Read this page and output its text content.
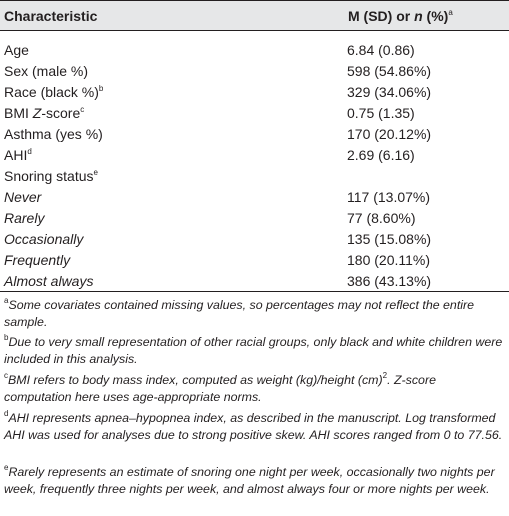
Characteristic	M (SD) or n (%)$^a$
Age	6.84 (0.86)
Sex (male %)	598 (54.86%)
Race (black %)$^b$	329 (34.06%)
BMI Z-score$^c$	0.75 (1.35)
Asthma (yes %)	170 (20.12%)
AHI$^d$	2.69 (6.16)
Snoring status$^e$
Never	117 (13.07%)
Rarely	77 (8.60%)
Occasionally	135 (15.08%)
Frequently	180 (20.11%)
Almost always	386 (43.13%)
$^a$Some covariates contained missing values, so percentages may not reflect the entire sample.
$^b$Due to very small representation of other racial groups, only black and white children were included in this analysis.
$^c$BMI refers to body mass index, computed as weight (kg)/height (cm)$^2$. Z-score computation here uses age-appropriate norms.
$^d$AHI represents apnea–hypopnea index, as described in the manuscript. Log transformed AHI was used for analyses due to strong positive skew. AHI scores ranged from 0 to 77.56.
$^e$Rarely represents an estimate of snoring one night per week, occasionally two nights per week, frequently three nights per week, and almost always four or more nights per week.
